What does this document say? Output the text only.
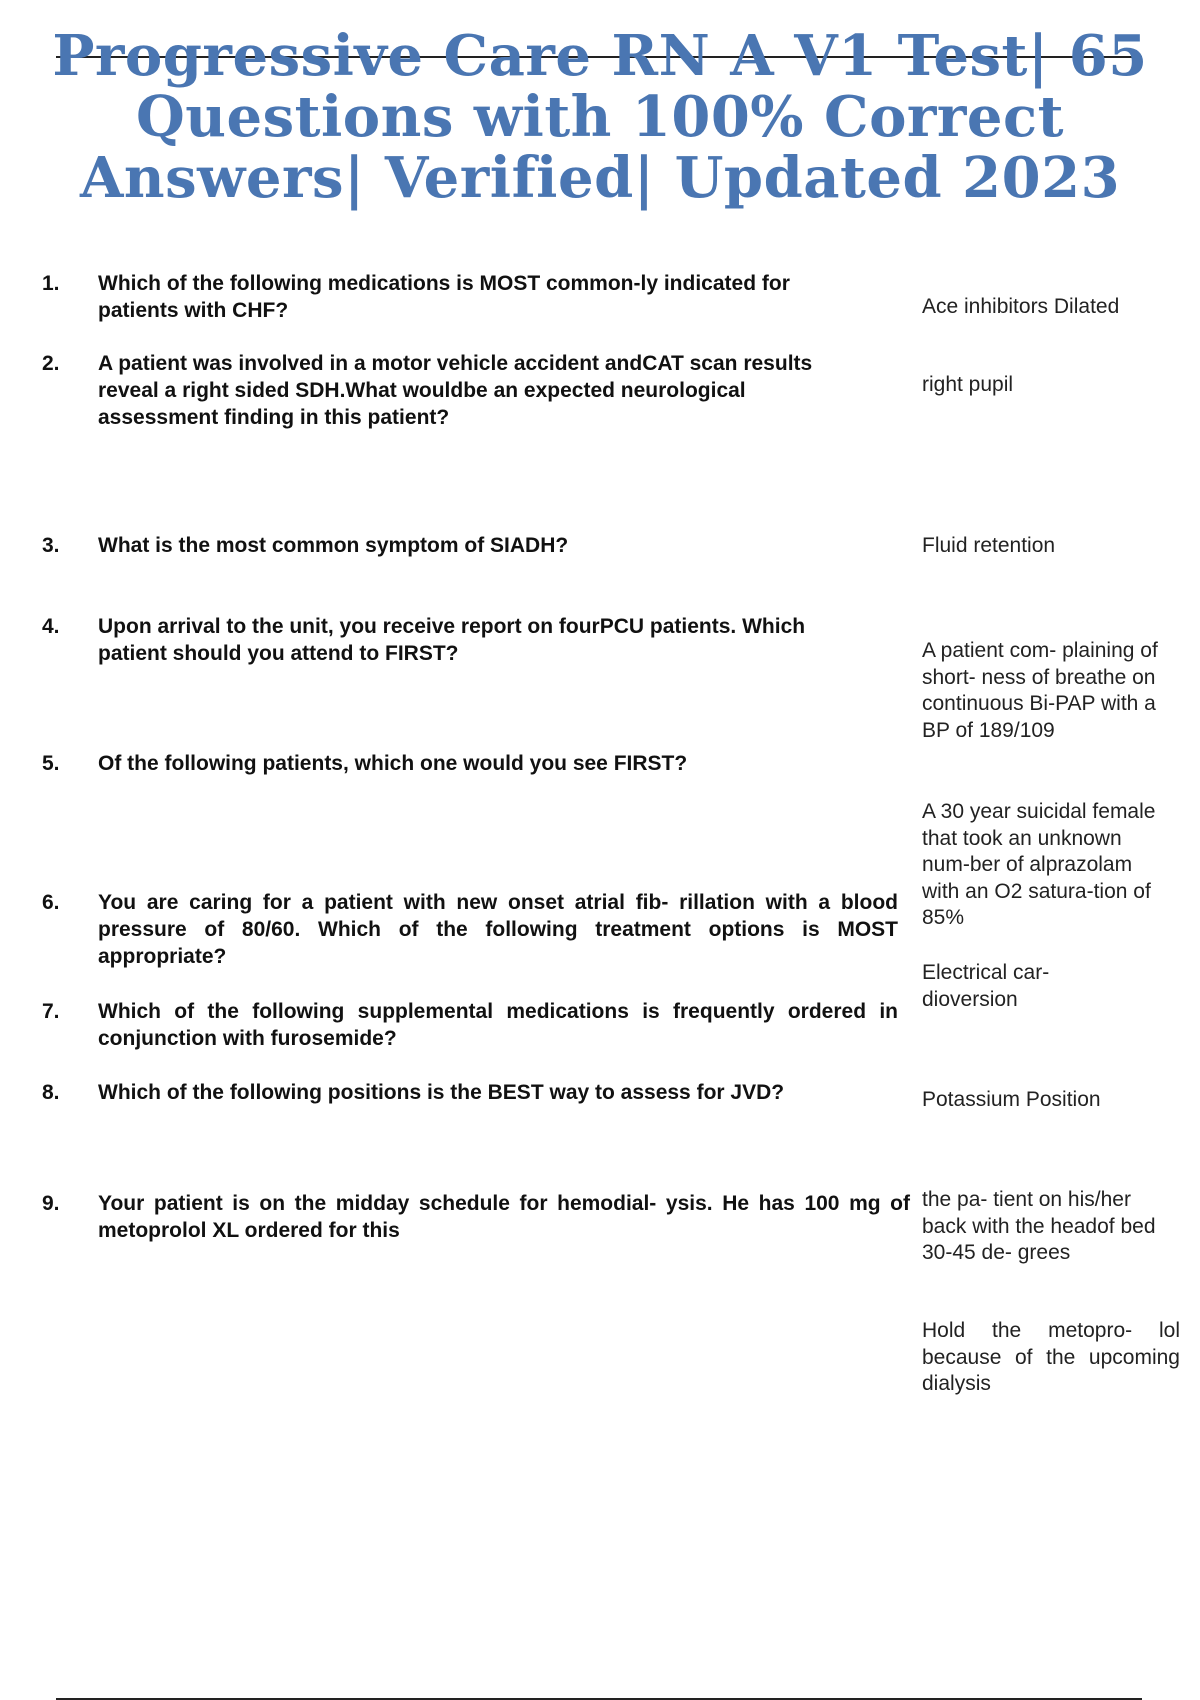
Progressive Care RN A V1 Test| 65 Questions with 100% Correct Answers| Verified| Updated 2023
1.
2.
3.
4.
5.
6.
7.
8.
9.
Which of the following medications is MOST common-ly indicated for patients with CHF?
A patient was involved in a motor vehicle accident andCAT scan results reveal a right sided SDH.What wouldbe an expected neurological assessment finding in this patient?
What is the most common symptom of SIADH?
Upon arrival to the unit, you receive report on fourPCU patients. Which patient should you attend to FIRST?
Of the following patients, which one would you see FIRST?
You are caring for a patient with new onset atrial fib- rillation with a blood pressure of 80/60. Which of the following treatment options is MOST appropriate?
Which of the following supplemental medications is frequently ordered in conjunction with furosemide?
Which of the following positions is the BEST way to assess for JVD?
Your patient is on the midday schedule for hemodial- ysis. He has 100 mg of metoprolol XL ordered for this
Ace inhibitors Dilated
right pupil
Fluid retention
A patient com- plaining of short- ness of breathe on continuous Bi-PAP with a BP of 189/109
A 30 year suicidal female that took an unknown num-ber of alprazolam with an O2 satura-tion of 85%
Electrical car- dioversion
Potassium Position
the pa- tient on his/her back with the headof bed 30-45 de- grees
Hold the metopro- lol because of the upcoming dialysis
